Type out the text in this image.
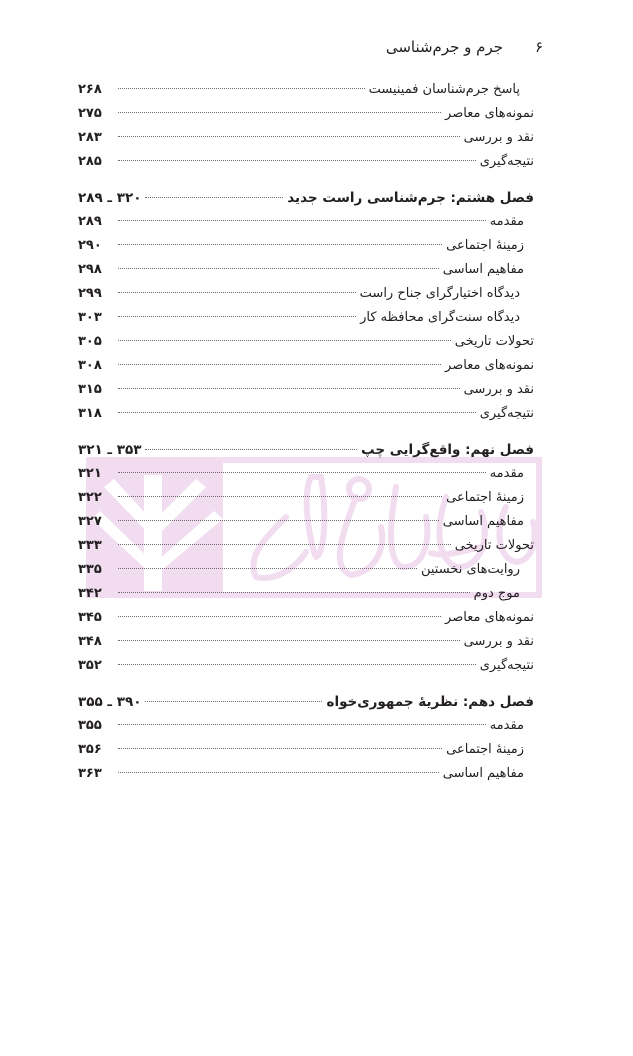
۶
جرم و جرم‌شناسی
پاسخ جرم‌شناسان فمینیست
۲۶۸
نمونه‌های معاصر
۲۷۵
نقد و بررسی
۲۸۳
نتیجه‌گیری
۲۸۵
فصل هشتم: جرم‌شناسی راست جدید
۳۲۰ ـ ۲۸۹
مقدمه
۲۸۹
زمینهٔ اجتماعی
۲۹۰
مفاهیم اساسی
۲۹۸
دیدگاه اختیارگرای جناح راست
۲۹۹
دیدگاه سنت‌گرای محافظه کار
۳۰۳
تحولات تاریخی
۳۰۵
نمونه‌های معاصر
۳۰۸
نقد و بررسی
۳۱۵
نتیجه‌گیری
۳۱۸
فصل نهم: واقع‌گرایی چپ
۳۵۳ ـ ۳۲۱
مقدمه
۳۲۱
زمینهٔ اجتماعی
۳۲۲
مفاهیم اساسی
۳۲۷
تحولات تاریخی
۳۳۳
روایت‌های نخستین
۳۳۵
موج دوم
۳۴۲
نمونه‌های معاصر
۳۴۵
نقد و بررسی
۳۴۸
نتیجه‌گیری
۳۵۲
فصل دهم: نظریهٔ جمهوری‌خواه
۳۹۰ ـ ۳۵۵
مقدمه
۳۵۵
زمینهٔ اجتماعی
۳۵۶
مفاهیم اساسی
۳۶۳
